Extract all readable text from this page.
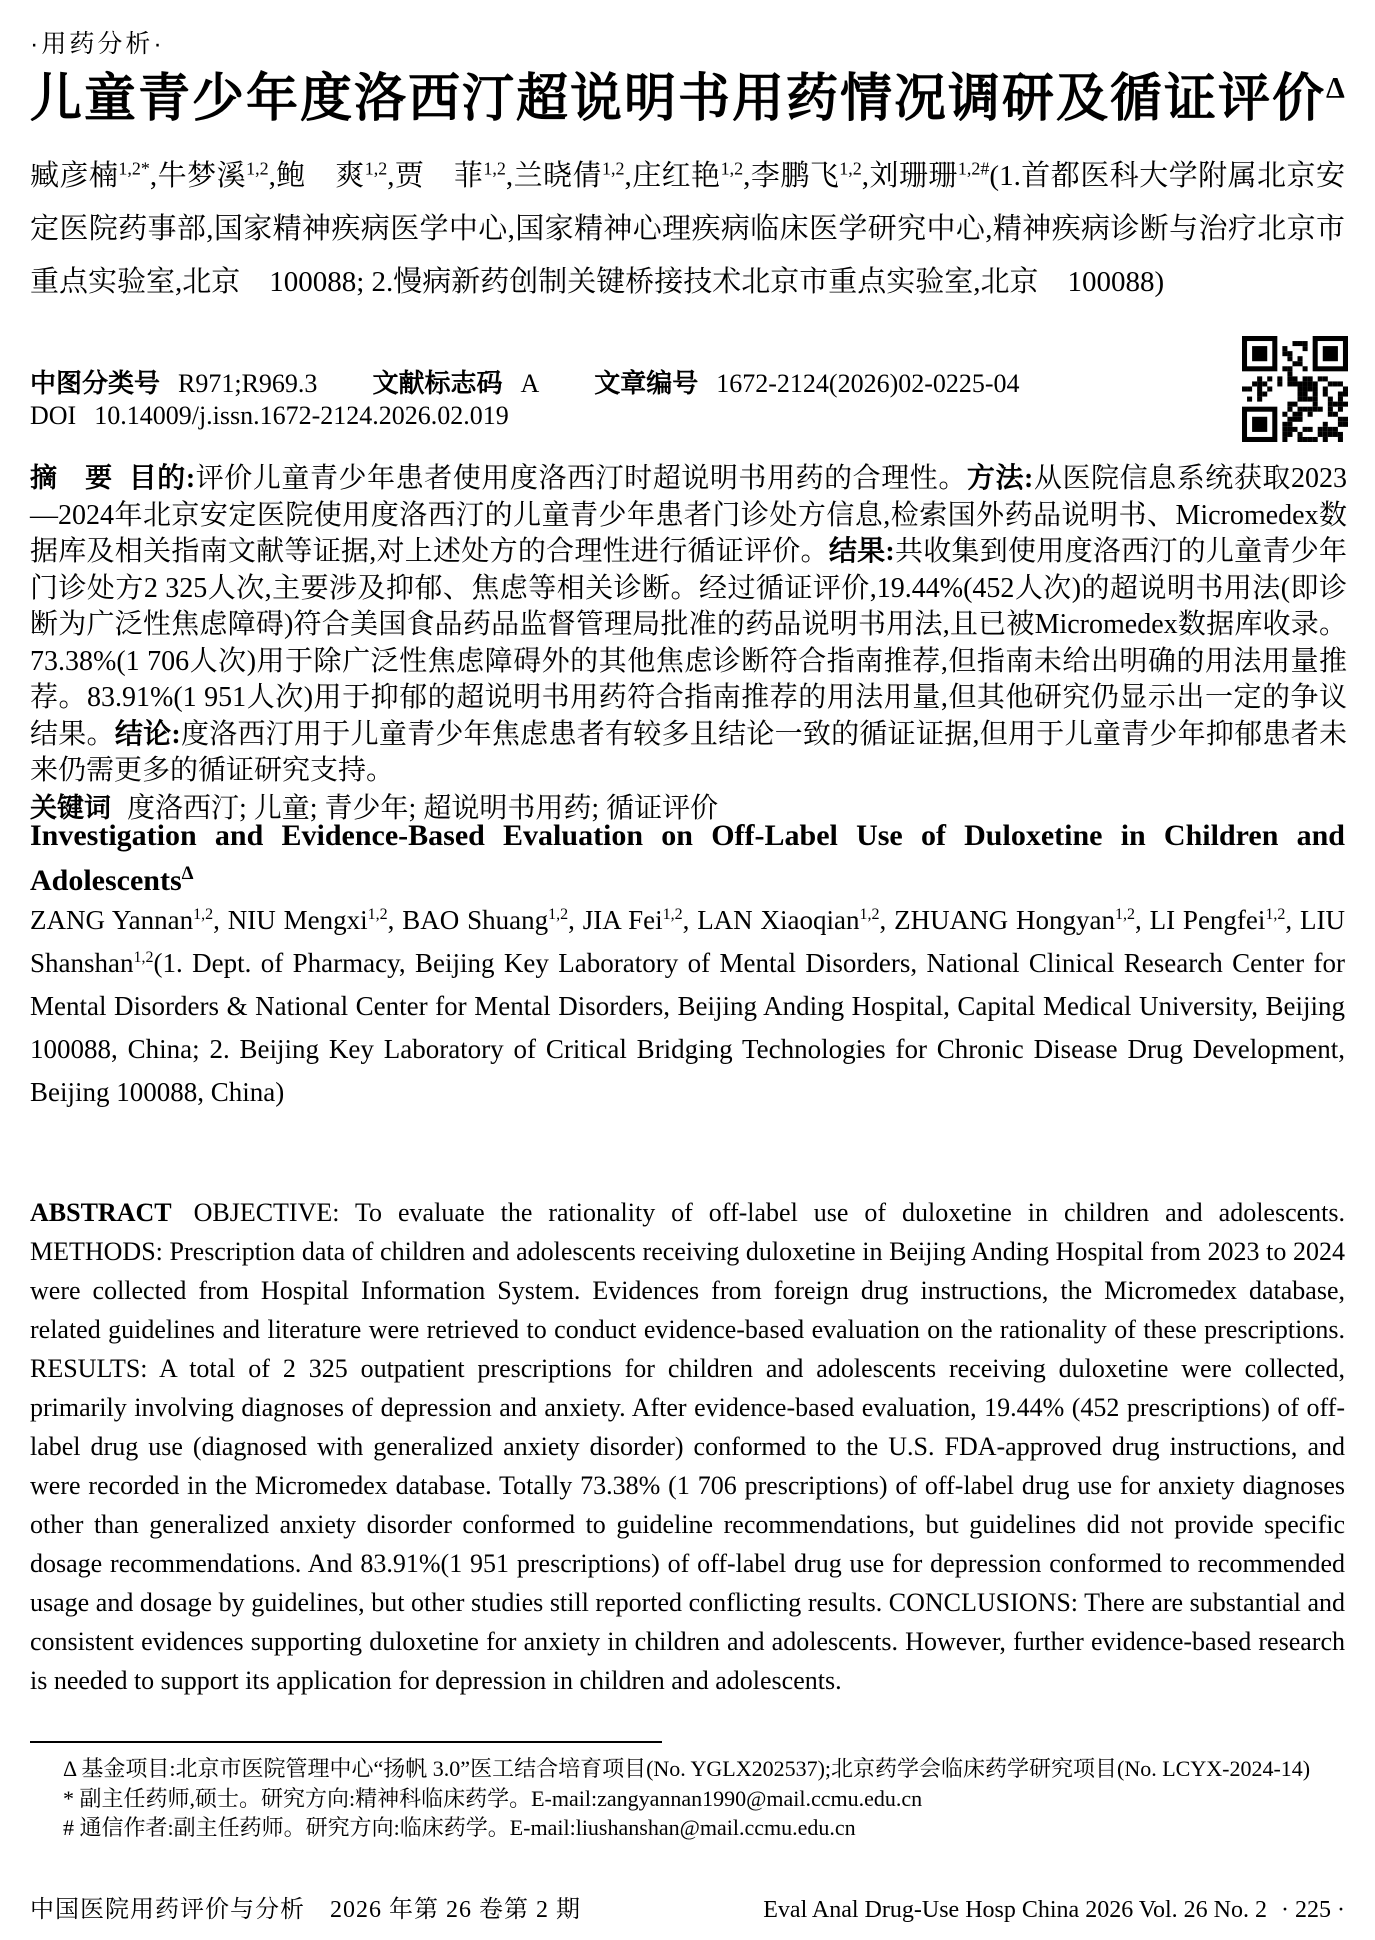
·用药分析·
儿童青少年度洛西汀超说明书用药情况调研及循证评价$^\Delta$

臧彦楠$^{1,2*}$,牛梦溪$^{1,2}$,鲍　爽$^{1,2}$,贾　菲$^{1,2}$,兰晓倩$^{1,2}$,庄红艳$^{1,2}$,李鹏飞$^{1,2}$,刘珊珊$^{1,2\#}$(1.首都医科大学附属北京安定医院药事部,国家精神疾病医学中心,国家精神心理疾病临床医学研究中心,精神疾病诊断与治疗北京市重点实验室,北京　100088; 2.慢病新药创制关键桥接技术北京市重点实验室,北京　100088)

中图分类号 R971;R969.3 文献标志码 A 文章编号 1672-2124(2026)02-0225-04
DOI 10.14009/j.issn.1672-2124.2026.02.019

摘　要 目的:评价儿童青少年患者使用度洛西汀时超说明书用药的合理性。方法:从医院信息系统获取2023—2024年北京安定医院使用度洛西汀的儿童青少年患者门诊处方信息,检索国外药品说明书、Micromedex数据库及相关指南文献等证据,对上述处方的合理性进行循证评价。结果:共收集到使用度洛西汀的儿童青少年门诊处方2 325人次,主要涉及抑郁、焦虑等相关诊断。经过循证评价,19.44%(452人次)的超说明书用法(即诊断为广泛性焦虑障碍)符合美国食品药品监督管理局批准的药品说明书用法,且已被Micromedex数据库收录。73.38%(1 706人次)用于除广泛性焦虑障碍外的其他焦虑诊断符合指南推荐,但指南未给出明确的用法用量推荐。83.91%(1 951人次)用于抑郁的超说明书用药符合指南推荐的用法用量,但其他研究仍显示出一定的争议结果。结论:度洛西汀用于儿童青少年焦虑患者有较多且结论一致的循证证据,但用于儿童青少年抑郁患者未来仍需更多的循证研究支持。

关键词 度洛西汀; 儿童; 青少年; 超说明书用药; 循证评价

Investigation and Evidence-Based Evaluation on Off-Label Use of Duloxetine in Children and Adolescents$^\Delta$

ZANG Yannan$^{1,2}$, NIU Mengxi$^{1,2}$, BAO Shuang$^{1,2}$, JIA Fei$^{1,2}$, LAN Xiaoqian$^{1,2}$, ZHUANG Hongyan$^{1,2}$, LI Pengfei$^{1,2}$, LIU Shanshan$^{1,2}$(1. Dept. of Pharmacy, Beijing Key Laboratory of Mental Disorders, National Clinical Research Center for Mental Disorders & National Center for Mental Disorders, Beijing Anding Hospital, Capital Medical University, Beijing 100088, China; 2. Beijing Key Laboratory of Critical Bridging Technologies for Chronic Disease Drug Development, Beijing 100088, China)

ABSTRACT OBJECTIVE: To evaluate the rationality of off-label use of duloxetine in children and adolescents. METHODS: Prescription data of children and adolescents receiving duloxetine in Beijing Anding Hospital from 2023 to 2024 were collected from Hospital Information System. Evidences from foreign drug instructions, the Micromedex database, related guidelines and literature were retrieved to conduct evidence-based evaluation on the rationality of these prescriptions. RESULTS: A total of 2 325 outpatient prescriptions for children and adolescents receiving duloxetine were collected, primarily involving diagnoses of depression and anxiety. After evidence-based evaluation, 19.44% (452 prescriptions) of off-label drug use (diagnosed with generalized anxiety disorder) conformed to the U.S. FDA-approved drug instructions, and were recorded in the Micromedex database. Totally 73.38% (1 706 prescriptions) of off-label drug use for anxiety diagnoses other than generalized anxiety disorder conformed to guideline recommendations, but guidelines did not provide specific dosage recommendations. And 83.91%(1 951 prescriptions) of off-label drug use for depression conformed to recommended usage and dosage by guidelines, but other studies still reported conflicting results. CONCLUSIONS: There are substantial and consistent evidences supporting duloxetine for anxiety in children and adolescents. However, further evidence-based research is needed to support its application for depression in children and adolescents.

Δ 基金项目:北京市医院管理中心“扬帆 3.0”医工结合培育项目(No. YGLX202537);北京药学会临床药学研究项目(No. LCYX-2024-14)

* 副主任药师,硕士。研究方向:精神科临床药学。E-mail:zangyannan1990@mail.ccmu.edu.cn

# 通信作者:副主任药师。研究方向:临床药学。E-mail:liushanshan@mail.ccmu.edu.cn

中国医院用药评价与分析　2026 年第 26 卷第 2 期	Eval Anal Drug-Use Hosp China 2026 Vol. 26 No. 2 · 225 ·
